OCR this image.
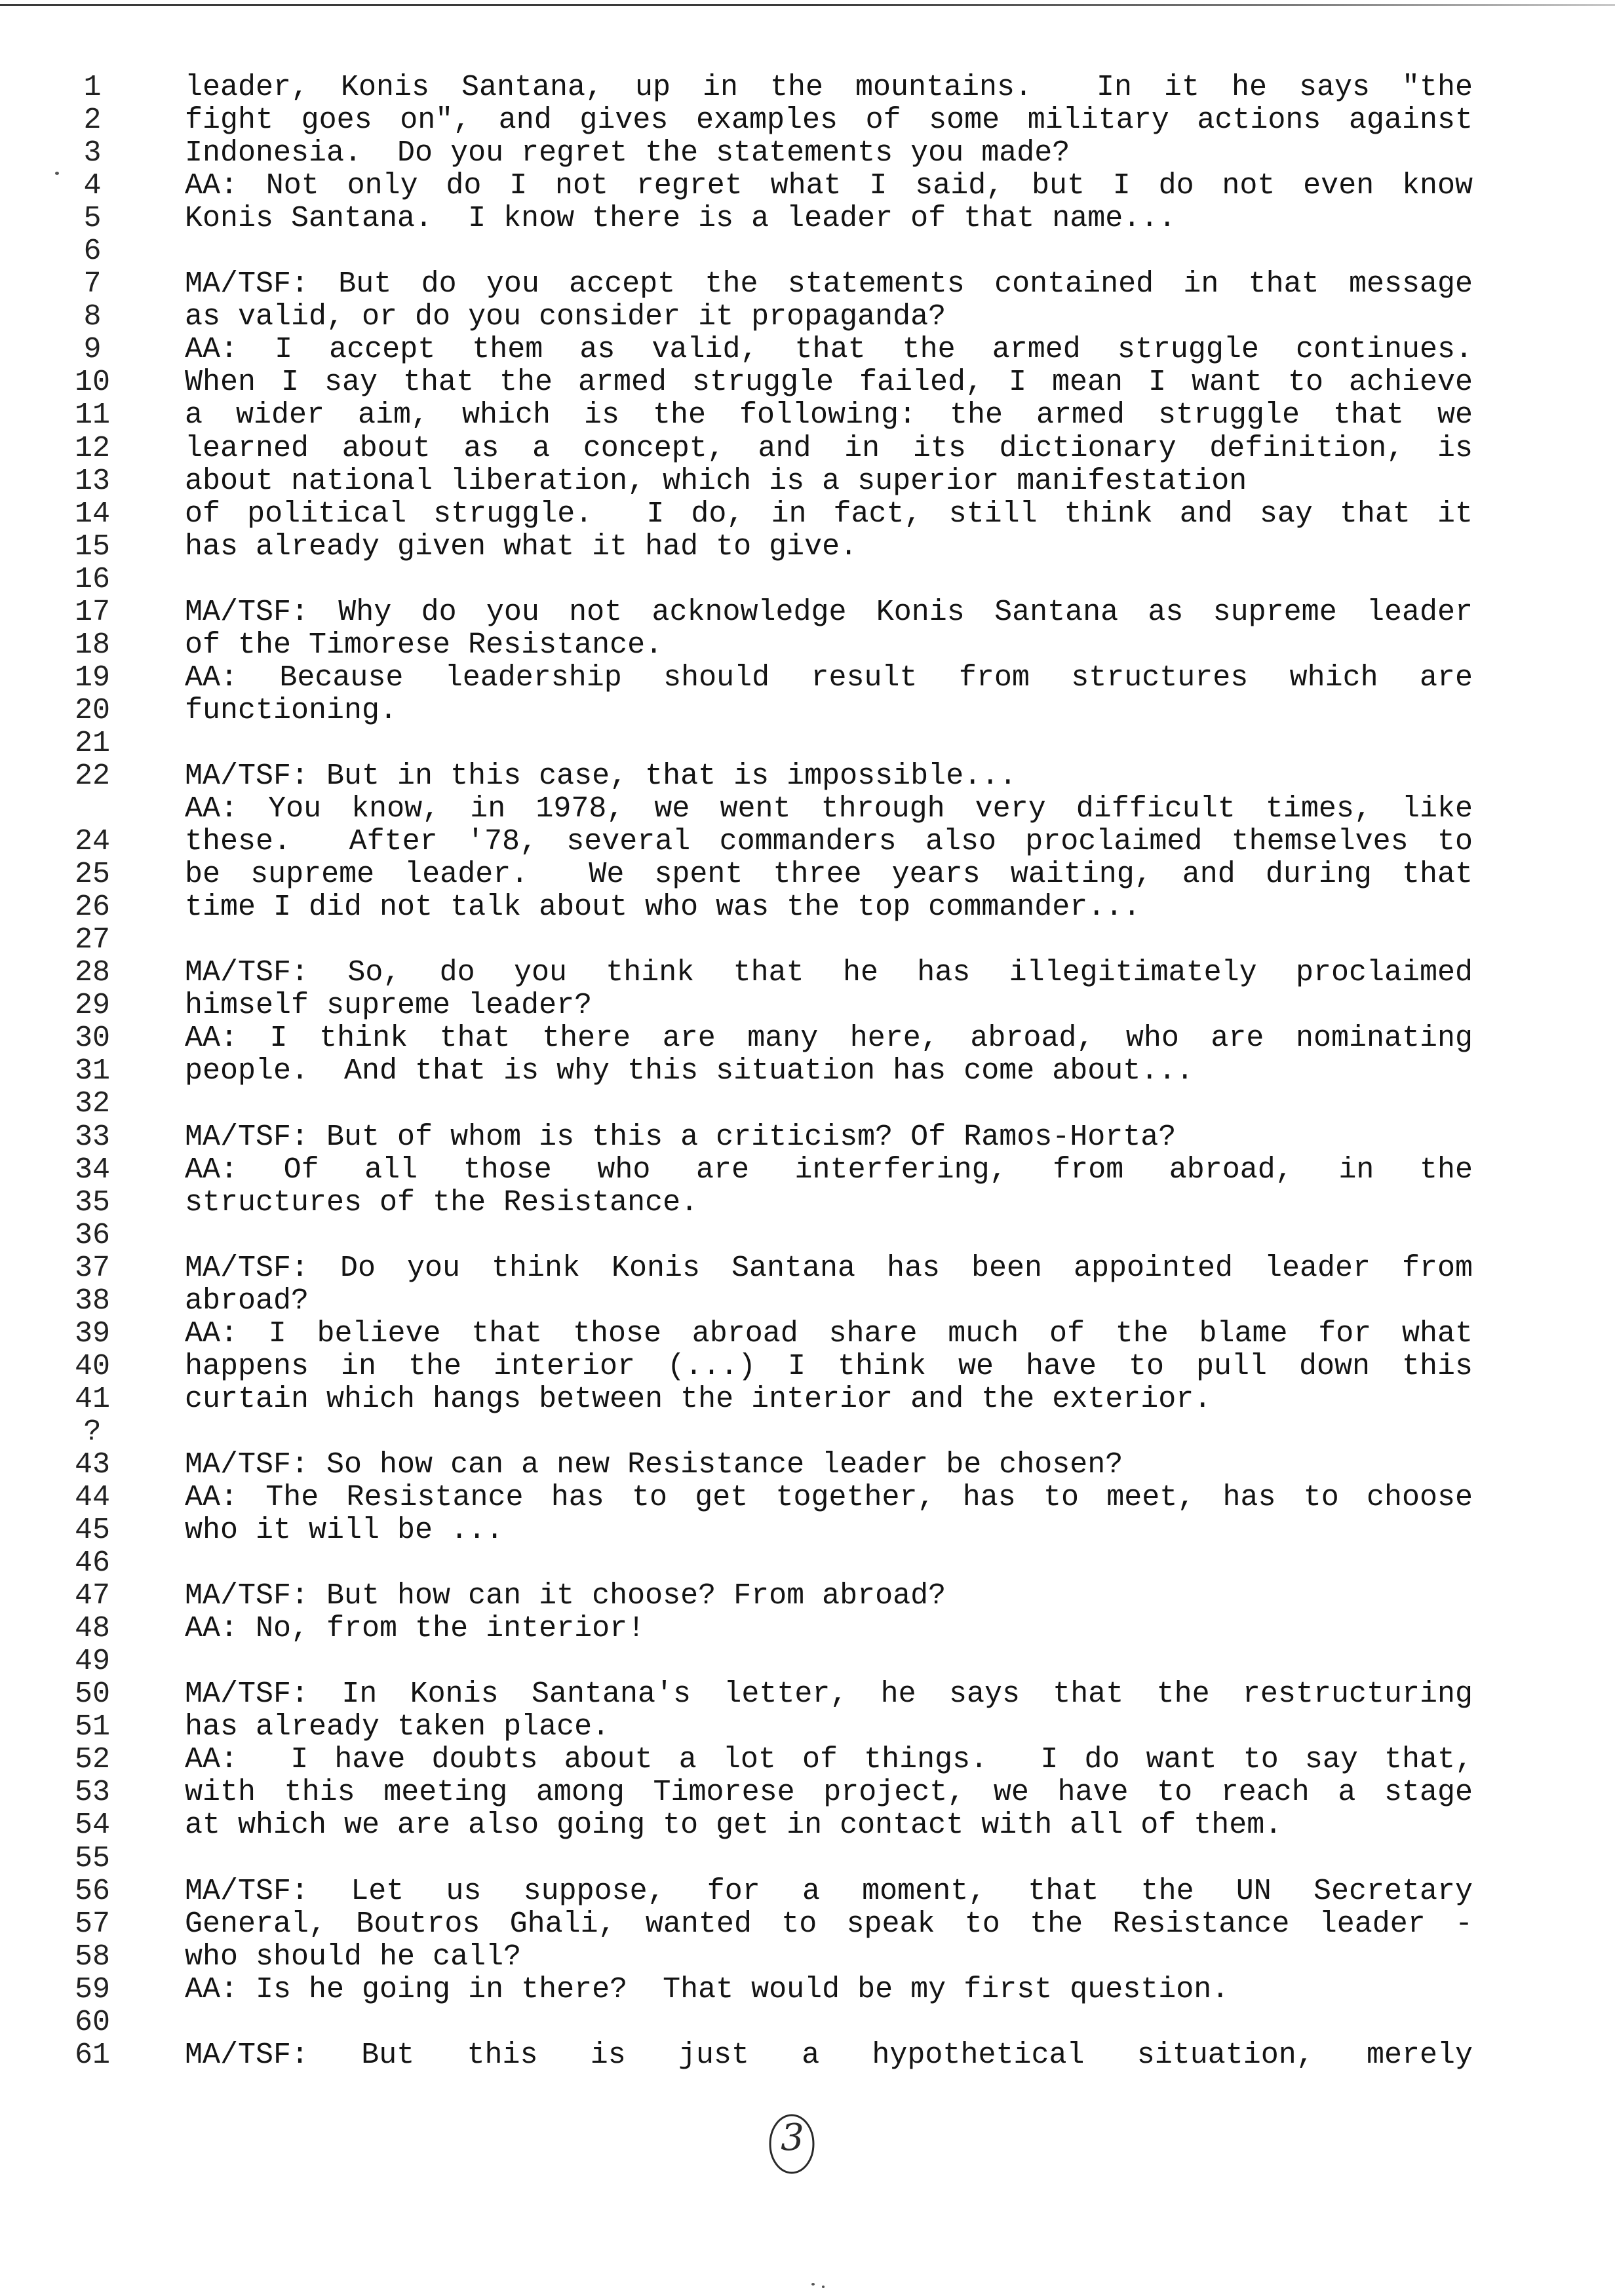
1	leader, Konis Santana, up in the mountains.  In it he says "the
2	fight goes on", and gives examples of some military actions against
3	Indonesia.  Do you regret the statements you made?
4	AA: Not only do I not regret what I said, but I do not even know
5	Konis Santana.  I know there is a leader of that name...
6
7	MA/TSF: But do you accept the statements contained in that message
8	as valid, or do you consider it propaganda?
9	AA: I accept them as valid, that the armed struggle continues.
10	When I say that the armed struggle failed, I mean I want to achieve
11	a wider aim, which is the following: the armed struggle that we
12	learned about as a concept, and in its dictionary definition, is
13	about national liberation, which is a superior manifestation
14	of political struggle.  I do, in fact, still think and say that it
15	has already given what it had to give.
16
17	MA/TSF: Why do you not acknowledge Konis Santana as supreme leader
18	of the Timorese Resistance.
19	AA: Because leadership should result from structures which are
20	functioning.
21
22	MA/TSF: But in this case, that is impossible...
AA: You know, in 1978, we went through very difficult times, like
24	these.  After '78, several commanders also proclaimed themselves to
25	be supreme leader.  We spent three years waiting, and during that
26	time I did not talk about who was the top commander...
27
28	MA/TSF: So, do you think that he has illegitimately proclaimed
29	himself supreme leader?
30	AA: I think that there are many here, abroad, who are nominating
31	people.  And that is why this situation has come about...
32
33	MA/TSF: But of whom is this a criticism? Of Ramos-Horta?
34	AA: Of all those who are interfering, from abroad, in the
35	structures of the Resistance.
36
37	MA/TSF: Do you think Konis Santana has been appointed leader from
38	abroad?
39	AA: I believe that those abroad share much of the blame for what
40	happens in the interior (...) I think we have to pull down this
41	curtain which hangs between the interior and the exterior.
?
43	MA/TSF: So how can a new Resistance leader be chosen?
44	AA: The Resistance has to get together, has to meet, has to choose
45	who it will be ...
46
47	MA/TSF: But how can it choose? From abroad?
48	AA: No, from the interior!
49
50	MA/TSF: In Konis Santana's letter, he says that the restructuring
51	has already taken place.
52	AA:  I have doubts about a lot of things.  I do want to say that,
53	with this meeting among Timorese project, we have to reach a stage
54	at which we are also going to get in contact with all of them.
55
56	MA/TSF: Let us suppose, for a moment, that the UN Secretary
57	General, Boutros Ghali, wanted to speak to the Resistance leader -
58	who should he call?
59	AA: Is he going in there?  That would be my first question.
60
61	MA/TSF: But this is just a hypothetical situation, merely
3
